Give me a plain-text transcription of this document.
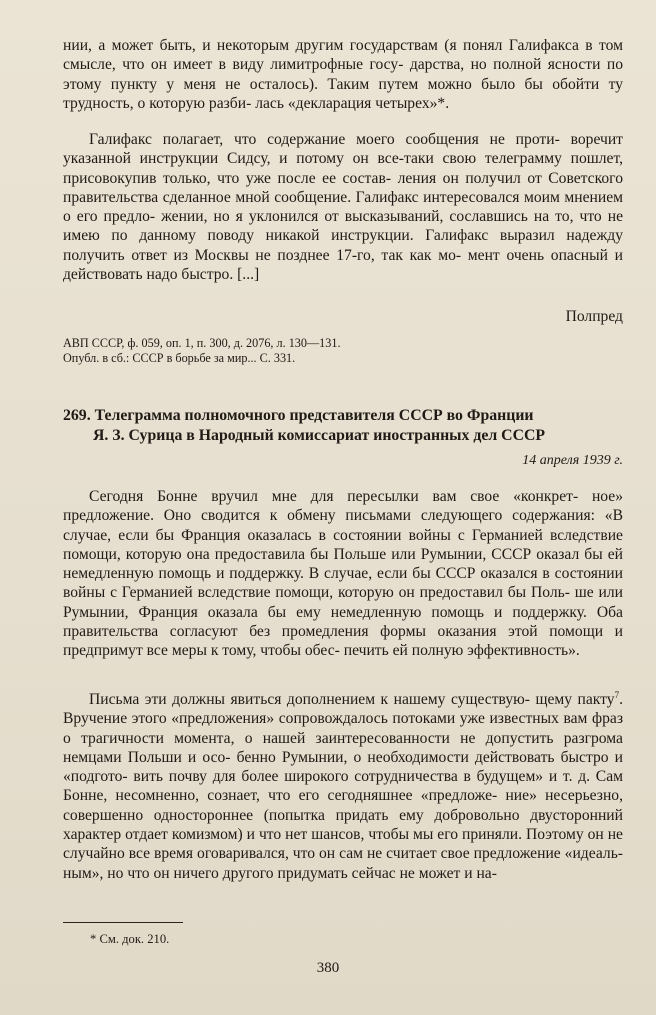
нии, а может быть, и некоторым другим государствам (я понял Галифакса в том смысле, что он имеет в виду лимитрофные госу- дарства, но полной ясности по этому пункту у меня не осталось). Таким путем можно было бы обойти ту трудность, о которую разби- лась «декларация четырех»*.

Галифакс полагает, что содержание моего сообщения не проти- воречит указанной инструкции Сидсу, и потому он все-таки свою телеграмму пошлет, присовокупив только, что уже после ее состав- ления он получил от Советского правительства сделанное мной сообщение. Галифакс интересовался моим мнением о его предло- жении, но я уклонился от высказываний, сославшись на то, что не имею по данному поводу никакой инструкции. Галифакс выразил надежду получить ответ из Москвы не позднее 17-го, так как мо- мент очень опасный и действовать надо быстро. [...]

Полпред

АВП СССР, ф. 059, оп. 1, п. 300, д. 2076, л. 130—131. Опубл. в сб.: СССР в борьбе за мир... С. 331.

269. Телеграмма полномочного представителя СССР во Франции
Я. З. Сурица в Народный комиссариат иностранных дел СССР

14 апреля 1939 г.

Сегодня Бонне вручил мне для пересылки вам свое «конкрет- ное» предложение. Оно сводится к обмену письмами следующего содержания: «В случае, если бы Франция оказалась в состоянии войны с Германией вследствие помощи, которую она предоставила бы Польше или Румынии, СССР оказал бы ей немедленную помощь и поддержку. В случае, если бы СССР оказался в состоянии войны с Германией вследствие помощи, которую он предоставил бы Поль- ше или Румынии, Франция оказала бы ему немедленную помощь и поддержку. Оба правительства согласуют без промедления формы оказания этой помощи и предпримут все меры к тому, чтобы обес- печить ей полную эффективность».

Письма эти должны явиться дополнением к нашему существую- щему пакту$^7$. Вручение этого «предложения» сопровождалось потоками уже известных вам фраз о трагичности момента, о нашей заинтересованности не допустить разгрома немцами Польши и осо- бенно Румынии, о необходимости действовать быстро и «подгото- вить почву для более широкого сотрудничества в будущем» и т. д. Сам Бонне, несомненно, сознает, что его сегодняшнее «предложе- ние» несерьезно, совершенно одностороннее (попытка придать ему добровольно двусторонний характер отдает комизмом) и что нет шансов, чтобы мы его приняли. Поэтому он не случайно все время оговаривался, что он сам не считает свое предложение «идеаль- ным», но что он ничего другого придумать сейчас не может и на-

* См. док. 210.

380
